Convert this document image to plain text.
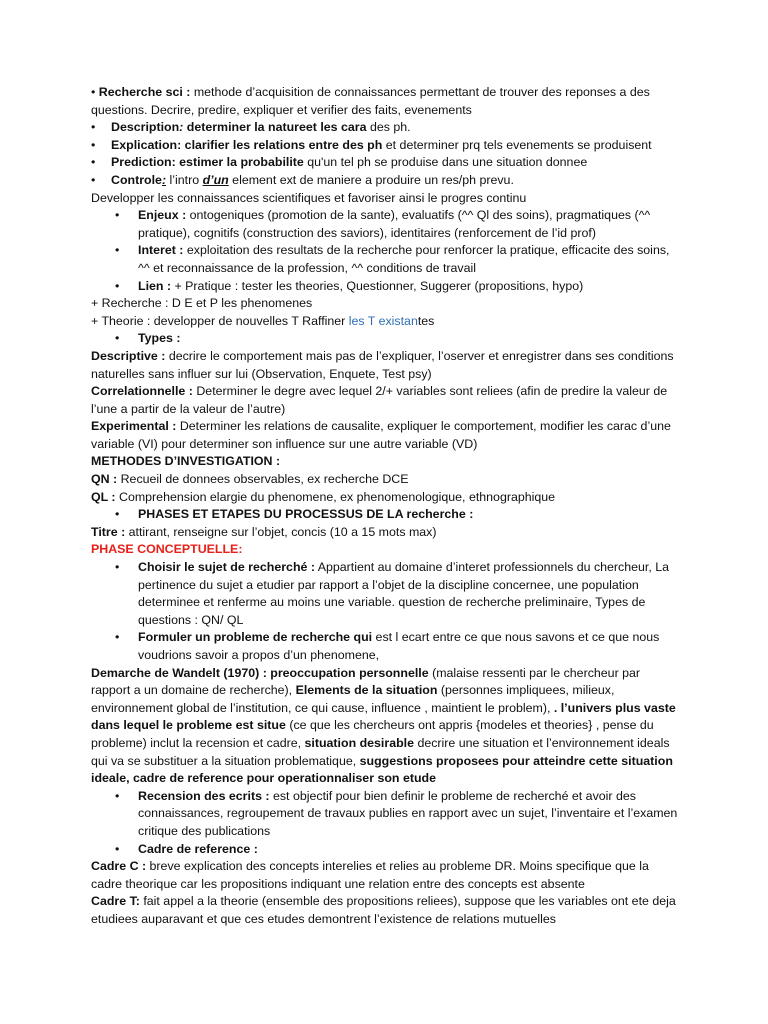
• Recherche sci : methode d’acquisition de connaissances permettant de trouver des reponses a des questions. Decrire, predire, expliquer et verifier des faits, evenements
• Description: determiner la natureet les cara des ph.
• Explication: clarifier les relations entre des ph et determiner prq tels evenements se produisent
• Prediction: estimer la probabilite qu'un tel ph se produise dans une situation donnee
• Controle: l’intro d’un element ext de maniere a produire un res/ph prevu.
Developper les connaissances scientifiques et favoriser ainsi le progres continu
• Enjeux : ontogeniques (promotion de la sante), evaluatifs (^^ Ql des soins), pragmatiques (^^ pratique), cognitifs (construction des saviors), identitaires (renforcement de l’id prof)
• Interet : exploitation des resultats de la recherche pour renforcer la pratique, efficacite des soins, ^^ et reconnaissance de la profession, ^^ conditions de travail
• Lien : + Pratique : tester les theories, Questionner, Suggerer (propositions, hypo)
+ Recherche : D E et P les phenomenes
+ Theorie : developper de nouvelles T Raffiner les T existantes
• Types :
Descriptive : decrire le comportement mais pas de l’expliquer, l’oserver et enregistrer dans ses conditions naturelles sans influer sur lui (Observation, Enquete, Test psy)
Correlationnelle : Determiner le degre avec lequel 2/+ variables sont reliees (afin de predire la valeur de l’une a partir de la valeur de l’autre)
Experimental : Determiner les relations de causalite, expliquer le comportement, modifier les carac d’une variable (VI) pour determiner son influence sur une autre variable (VD)
METHODES D’INVESTIGATION :
QN : Recueil de donnees observables, ex recherche DCE
QL : Comprehension elargie du phenomene, ex phenomenologique, ethnographique
• PHASES ET ETAPES DU PROCESSUS DE LA recherche :
Titre : attirant, renseigne sur l’objet, concis (10 a 15 mots max)
PHASE CONCEPTUELLE:
• Choisir le sujet de recherché : Appartient au domaine d’interet professionnels du chercheur, La pertinence du sujet a etudier par rapport a l’objet de la discipline concernee, une population determinee et renferme au moins une variable. question de recherche preliminaire, Types de questions : QN/ QL
• Formuler un probleme de recherche qui est l ecart entre ce que nous savons et ce que nous voudrions savoir a propos d’un phenomene,
Demarche de Wandelt (1970) : preoccupation personnelle (malaise ressenti par le chercheur par rapport a un domaine de recherche), Elements de la situation (personnes impliquees, milieux, environnement global de l’institution, ce qui cause, influence , maintient le problem), . l’univers plus vaste dans lequel le probleme est situe (ce que les chercheurs ont appris {modeles et theories} , pense du probleme) inclut la recension et cadre, situation desirable decrire une situation et l’environnement ideals qui va se substituer a la situation problematique, suggestions proposees pour atteindre cette situation ideale, cadre de reference pour operationnaliser son etude
• Recension des ecrits : est objectif pour bien definir le probleme de recherché et avoir des connaissances, regroupement de travaux publies en rapport avec un sujet, l’inventaire et l’examen critique des publications
• Cadre de reference :
Cadre C : breve explication des concepts interelies et relies au probleme DR. Moins specifique que la cadre theorique car les propositions indiquant une relation entre des concepts est absente
Cadre T: fait appel a la theorie (ensemble des propositions reliees), suppose que les variables ont ete deja etudiees auparavant et que ces etudes demontrent l’existence de relations mutuelles
